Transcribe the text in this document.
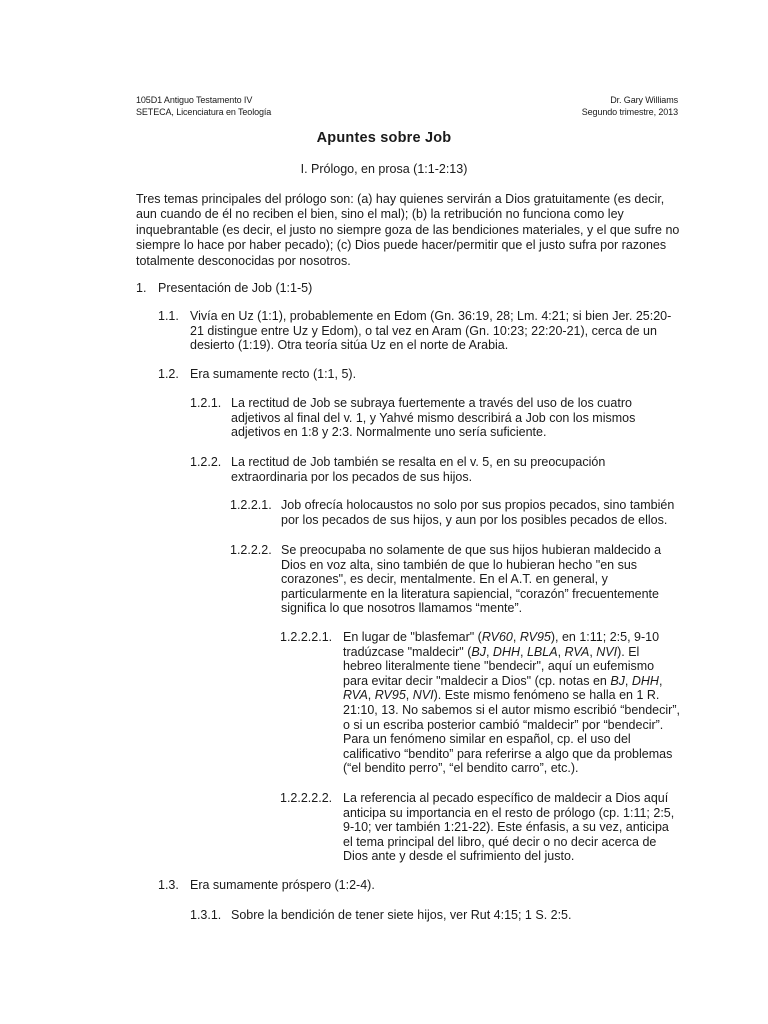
105D1 Antiguo Testamento IV
SETECA, Licenciatura en Teología
Dr. Gary Williams
Segundo trimestre, 2013
Apuntes sobre Job
I. Prólogo, en prosa (1:1-2:13)
Tres temas principales del prólogo son: (a) hay quienes servirán a Dios gratuitamente (es decir, aun cuando de él no reciben el bien, sino el mal); (b) la retribución no funciona como ley inquebrantable (es decir, el justo no siempre goza de las bendiciones materiales, y el que sufre no siempre lo hace por haber pecado); (c) Dios puede hacer/permitir que el justo sufra por razones totalmente desconocidas por nosotros.
1. Presentación de Job (1:1-5)
1.1. Vivía en Uz (1:1), probablemente en Edom (Gn. 36:19, 28; Lm. 4:21; si bien Jer. 25:20-21 distingue entre Uz y Edom), o tal vez en Aram (Gn. 10:23; 22:20-21), cerca de un desierto (1:19). Otra teoría sitúa Uz en el norte de Arabia.
1.2. Era sumamente recto (1:1, 5).
1.2.1. La rectitud de Job se subraya fuertemente a través del uso de los cuatro adjetivos al final del v. 1, y Yahvé mismo describirá a Job con los mismos adjetivos en 1:8 y 2:3. Normalmente uno sería suficiente.
1.2.2. La rectitud de Job también se resalta en el v. 5, en su preocupación extraordinaria por los pecados de sus hijos.
1.2.2.1. Job ofrecía holocaustos no solo por sus propios pecados, sino también por los pecados de sus hijos, y aun por los posibles pecados de ellos.
1.2.2.2. Se preocupaba no solamente de que sus hijos hubieran maldecido a Dios en voz alta, sino también de que lo hubieran hecho "en sus corazones", es decir, mentalmente. En el A.T. en general, y particularmente en la literatura sapiencial, “corazón” frecuentemente significa lo que nosotros llamamos “mente”.
1.2.2.2.1. En lugar de "blasfemar" (RV60, RV95), en 1:11; 2:5, 9-10 tradúzcase "maldecir" (BJ, DHH, LBLA, RVA, NVI). El hebreo literalmente tiene "bendecir", aquí un eufemismo para evitar decir "maldecir a Dios" (cp. notas en BJ, DHH, RVA, RV95, NVI). Este mismo fenómeno se halla en 1 R. 21:10, 13. No sabemos si el autor mismo escribió “bendecir”, o si un escriba posterior cambió “maldecir” por “bendecir”. Para un fenómeno similar en español, cp. el uso del calificativo “bendito” para referirse a algo que da problemas (“el bendito perro”, “el bendito carro”, etc.).
1.2.2.2.2. La referencia al pecado específico de maldecir a Dios aquí anticipa su importancia en el resto de prólogo (cp. 1:11; 2:5, 9-10; ver también 1:21-22). Este énfasis, a su vez, anticipa el tema principal del libro, qué decir o no decir acerca de Dios ante y desde el sufrimiento del justo.
1.3. Era sumamente próspero (1:2-4).
1.3.1. Sobre la bendición de tener siete hijos, ver Rut 4:15; 1 S. 2:5.
